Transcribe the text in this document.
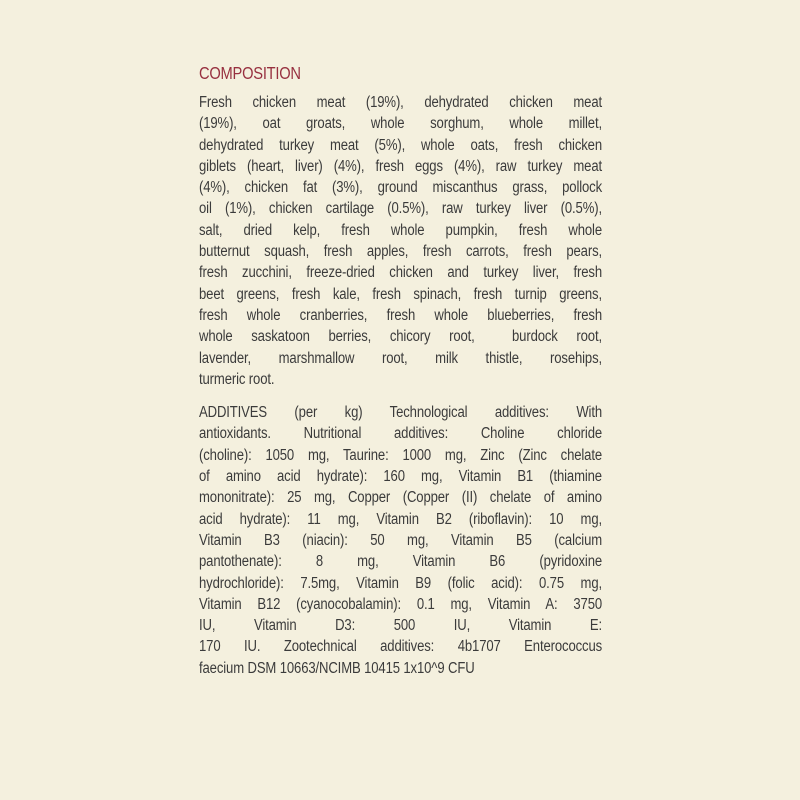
COMPOSITION
Fresh chicken meat (19%), dehydrated chicken meat
(19%), oat groats, whole sorghum, whole millet,
dehydrated turkey meat (5%), whole oats, fresh chicken
giblets (heart, liver) (4%), fresh eggs (4%), raw turkey meat
(4%), chicken fat (3%), ground miscanthus grass, pollock
oil (1%), chicken cartilage (0.5%), raw turkey liver (0.5%),
salt, dried kelp, fresh whole pumpkin, fresh whole
butternut squash, fresh apples, fresh carrots, fresh pears,
fresh zucchini, freeze-dried chicken and turkey liver, fresh
beet greens, fresh kale, fresh spinach, fresh turnip greens,
fresh whole cranberries, fresh whole blueberries, fresh
whole saskatoon berries, chicory root,  burdock root,
lavender, marshmallow root, milk thistle, rosehips,
turmeric root.
ADDITIVES (per kg) Technological additives: With
antioxidants. Nutritional additives: Choline chloride
(choline): 1050 mg, Taurine: 1000 mg, Zinc (Zinc chelate
of amino acid hydrate): 160 mg, Vitamin B1 (thiamine
mononitrate): 25 mg, Copper (Copper (II) chelate of amino
acid hydrate): 11 mg, Vitamin B2 (riboflavin): 10 mg,
Vitamin B3 (niacin): 50 mg, Vitamin B5 (calcium
pantothenate): 8 mg, Vitamin B6 (pyridoxine
hydrochloride): 7.5mg, Vitamin B9 (folic acid): 0.75 mg,
Vitamin B12 (cyanocobalamin): 0.1 mg, Vitamin A: 3750
IU, Vitamin D3: 500 IU, Vitamin E:
170 IU. Zootechnical additives: 4b1707 Enterococcus
faecium DSM 10663/NCIMB 10415 1x10^9 CFU
